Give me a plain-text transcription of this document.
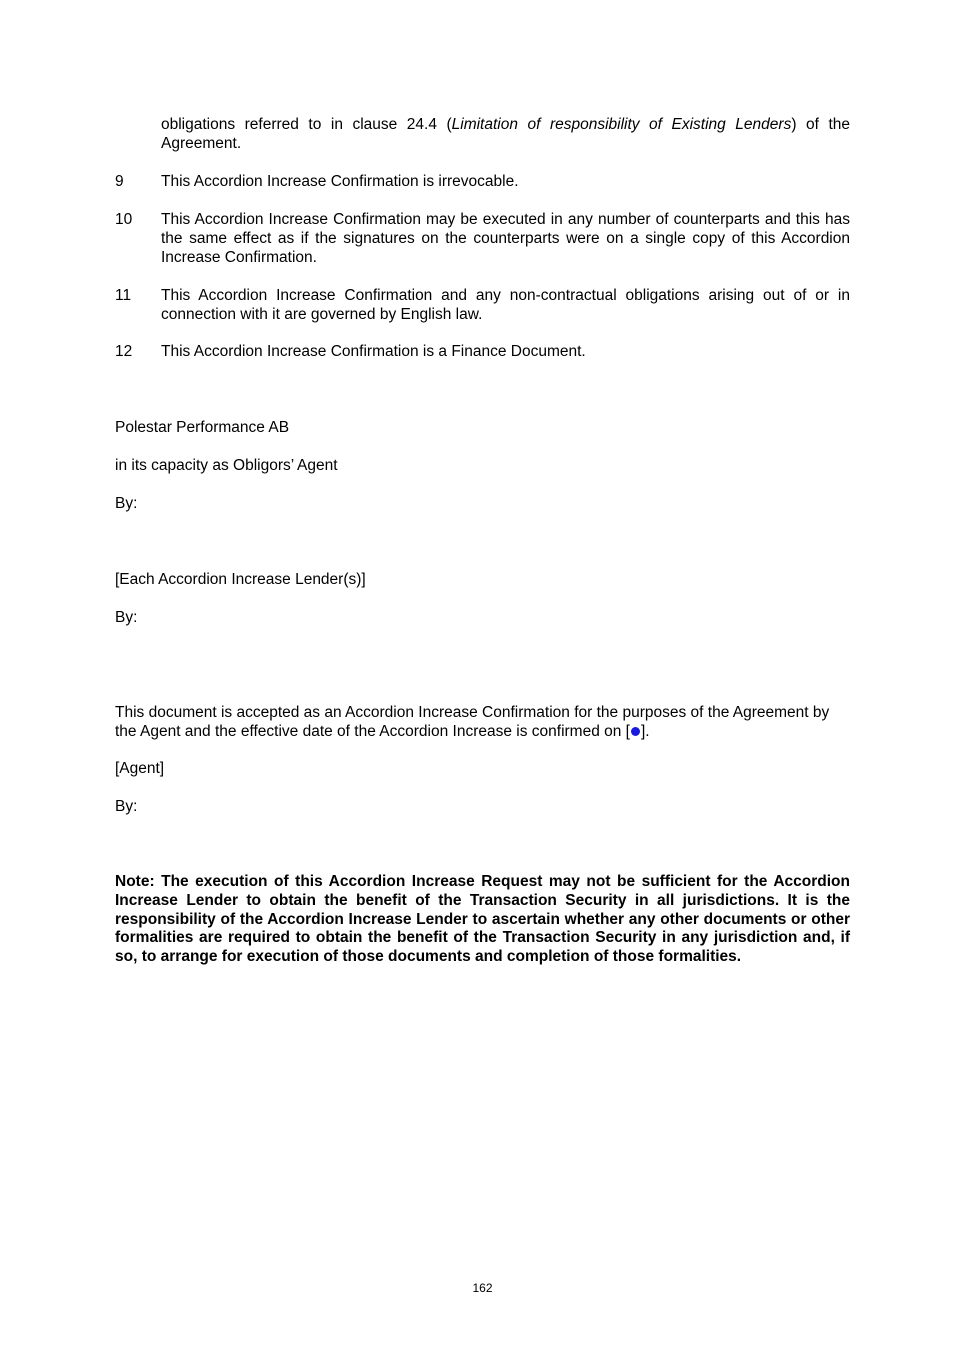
obligations referred to in clause 24.4 (Limitation of responsibility of Existing Lenders) of the Agreement.

9 This Accordion Increase Confirmation is irrevocable.

10 This Accordion Increase Confirmation may be executed in any number of counterparts and this has the same effect as if the signatures on the counterparts were on a single copy of this Accordion Increase Confirmation.

11 This Accordion Increase Confirmation and any non-contractual obligations arising out of or in connection with it are governed by English law.

12 This Accordion Increase Confirmation is a Finance Document.

Polestar Performance AB

in its capacity as Obligors’ Agent

By:

[Each Accordion Increase Lender(s)]

By:

This document is accepted as an Accordion Increase Confirmation for the purposes of the Agreement by the Agent and the effective date of the Accordion Increase is confirmed on [ ].

[Agent]

By:

Note: The execution of this Accordion Increase Request may not be sufficient for the Accordion Increase Lender to obtain the benefit of the Transaction Security in all jurisdictions. It is the responsibility of the Accordion Increase Lender to ascertain whether any other documents or other formalities are required to obtain the benefit of the Transaction Security in any jurisdiction and, if so, to arrange for execution of those documents and completion of those formalities.

162
